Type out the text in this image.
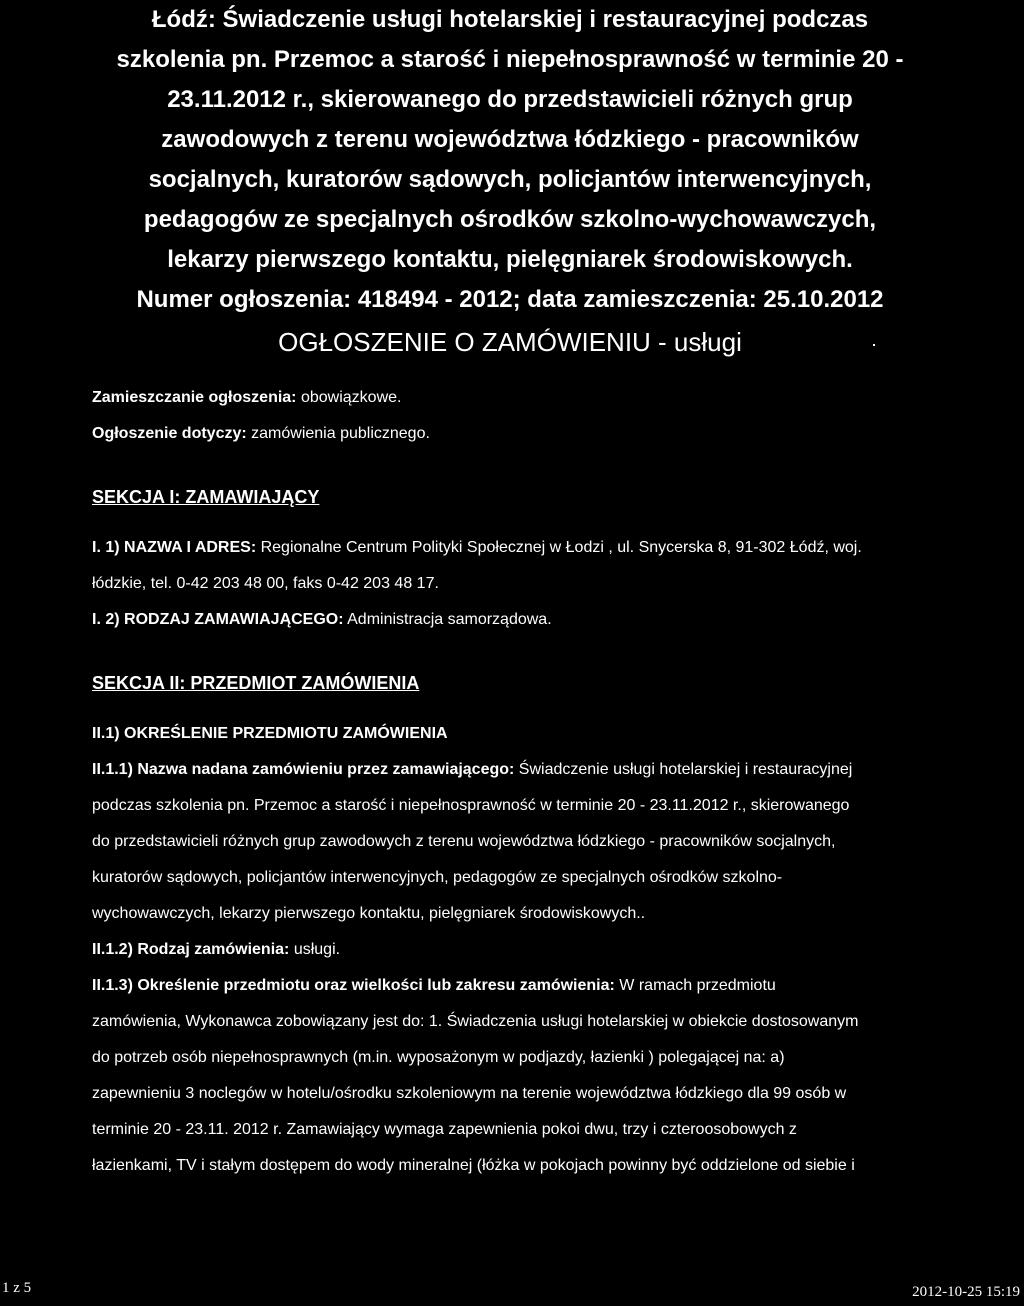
Łódź: Świadczenie usługi hotelarskiej i restauracyjnej podczas
szkolenia pn. Przemoc a starość i niepełnosprawność w terminie 20 -
23.11.2012 r., skierowanego do przedstawicieli różnych grup
zawodowych z terenu województwa łódzkiego - pracowników
socjalnych, kuratorów sądowych, policjantów interwencyjnych,
pedagogów ze specjalnych ośrodków szkolno-wychowawczych,
lekarzy pierwszego kontaktu, pielęgniarek środowiskowych.
Numer ogłoszenia: 418494 - 2012; data zamieszczenia: 25.10.2012
OGŁOSZENIE O ZAMÓWIENIU - usługi
Zamieszczanie ogłoszenia: obowiązkowe.
Ogłoszenie dotyczy: zamówienia publicznego.
SEKCJA I: ZAMAWIAJĄCY
I. 1) NAZWA I ADRES: Regionalne Centrum Polityki Społecznej w Łodzi , ul. Snycerska 8, 91-302 Łódź, woj.
łódzkie, tel. 0-42 203 48 00, faks 0-42 203 48 17.
I. 2) RODZAJ ZAMAWIAJĄCEGO: Administracja samorządowa.
SEKCJA II: PRZEDMIOT ZAMÓWIENIA
II.1) OKREŚLENIE PRZEDMIOTU ZAMÓWIENIA
II.1.1) Nazwa nadana zamówieniu przez zamawiającego: Świadczenie usługi hotelarskiej i restauracyjnej
podczas szkolenia pn. Przemoc a starość i niepełnosprawność w terminie 20 - 23.11.2012 r., skierowanego
do przedstawicieli różnych grup zawodowych z terenu województwa łódzkiego - pracowników socjalnych,
kuratorów sądowych, policjantów interwencyjnych, pedagogów ze specjalnych ośrodków szkolno-
wychowawczych, lekarzy pierwszego kontaktu, pielęgniarek środowiskowych..
II.1.2) Rodzaj zamówienia: usługi.
II.1.3) Określenie przedmiotu oraz wielkości lub zakresu zamówienia: W ramach przedmiotu
zamówienia, Wykonawca zobowiązany jest do: 1. Świadczenia usługi hotelarskiej w obiekcie dostosowanym
do potrzeb osób niepełnosprawnych (m.in. wyposażonym w podjazdy, łazienki ) polegającej na: a)
zapewnieniu 3 noclegów w hotelu/ośrodku szkoleniowym na terenie województwa łódzkiego dla 99 osób w
terminie 20 - 23.11. 2012 r. Zamawiający wymaga zapewnienia pokoi dwu, trzy i czteroosobowych z
łazienkami, TV i stałym dostępem do wody mineralnej (łóżka w pokojach powinny być oddzielone od siebie i
1 z 5	2012-10-25 15:19
